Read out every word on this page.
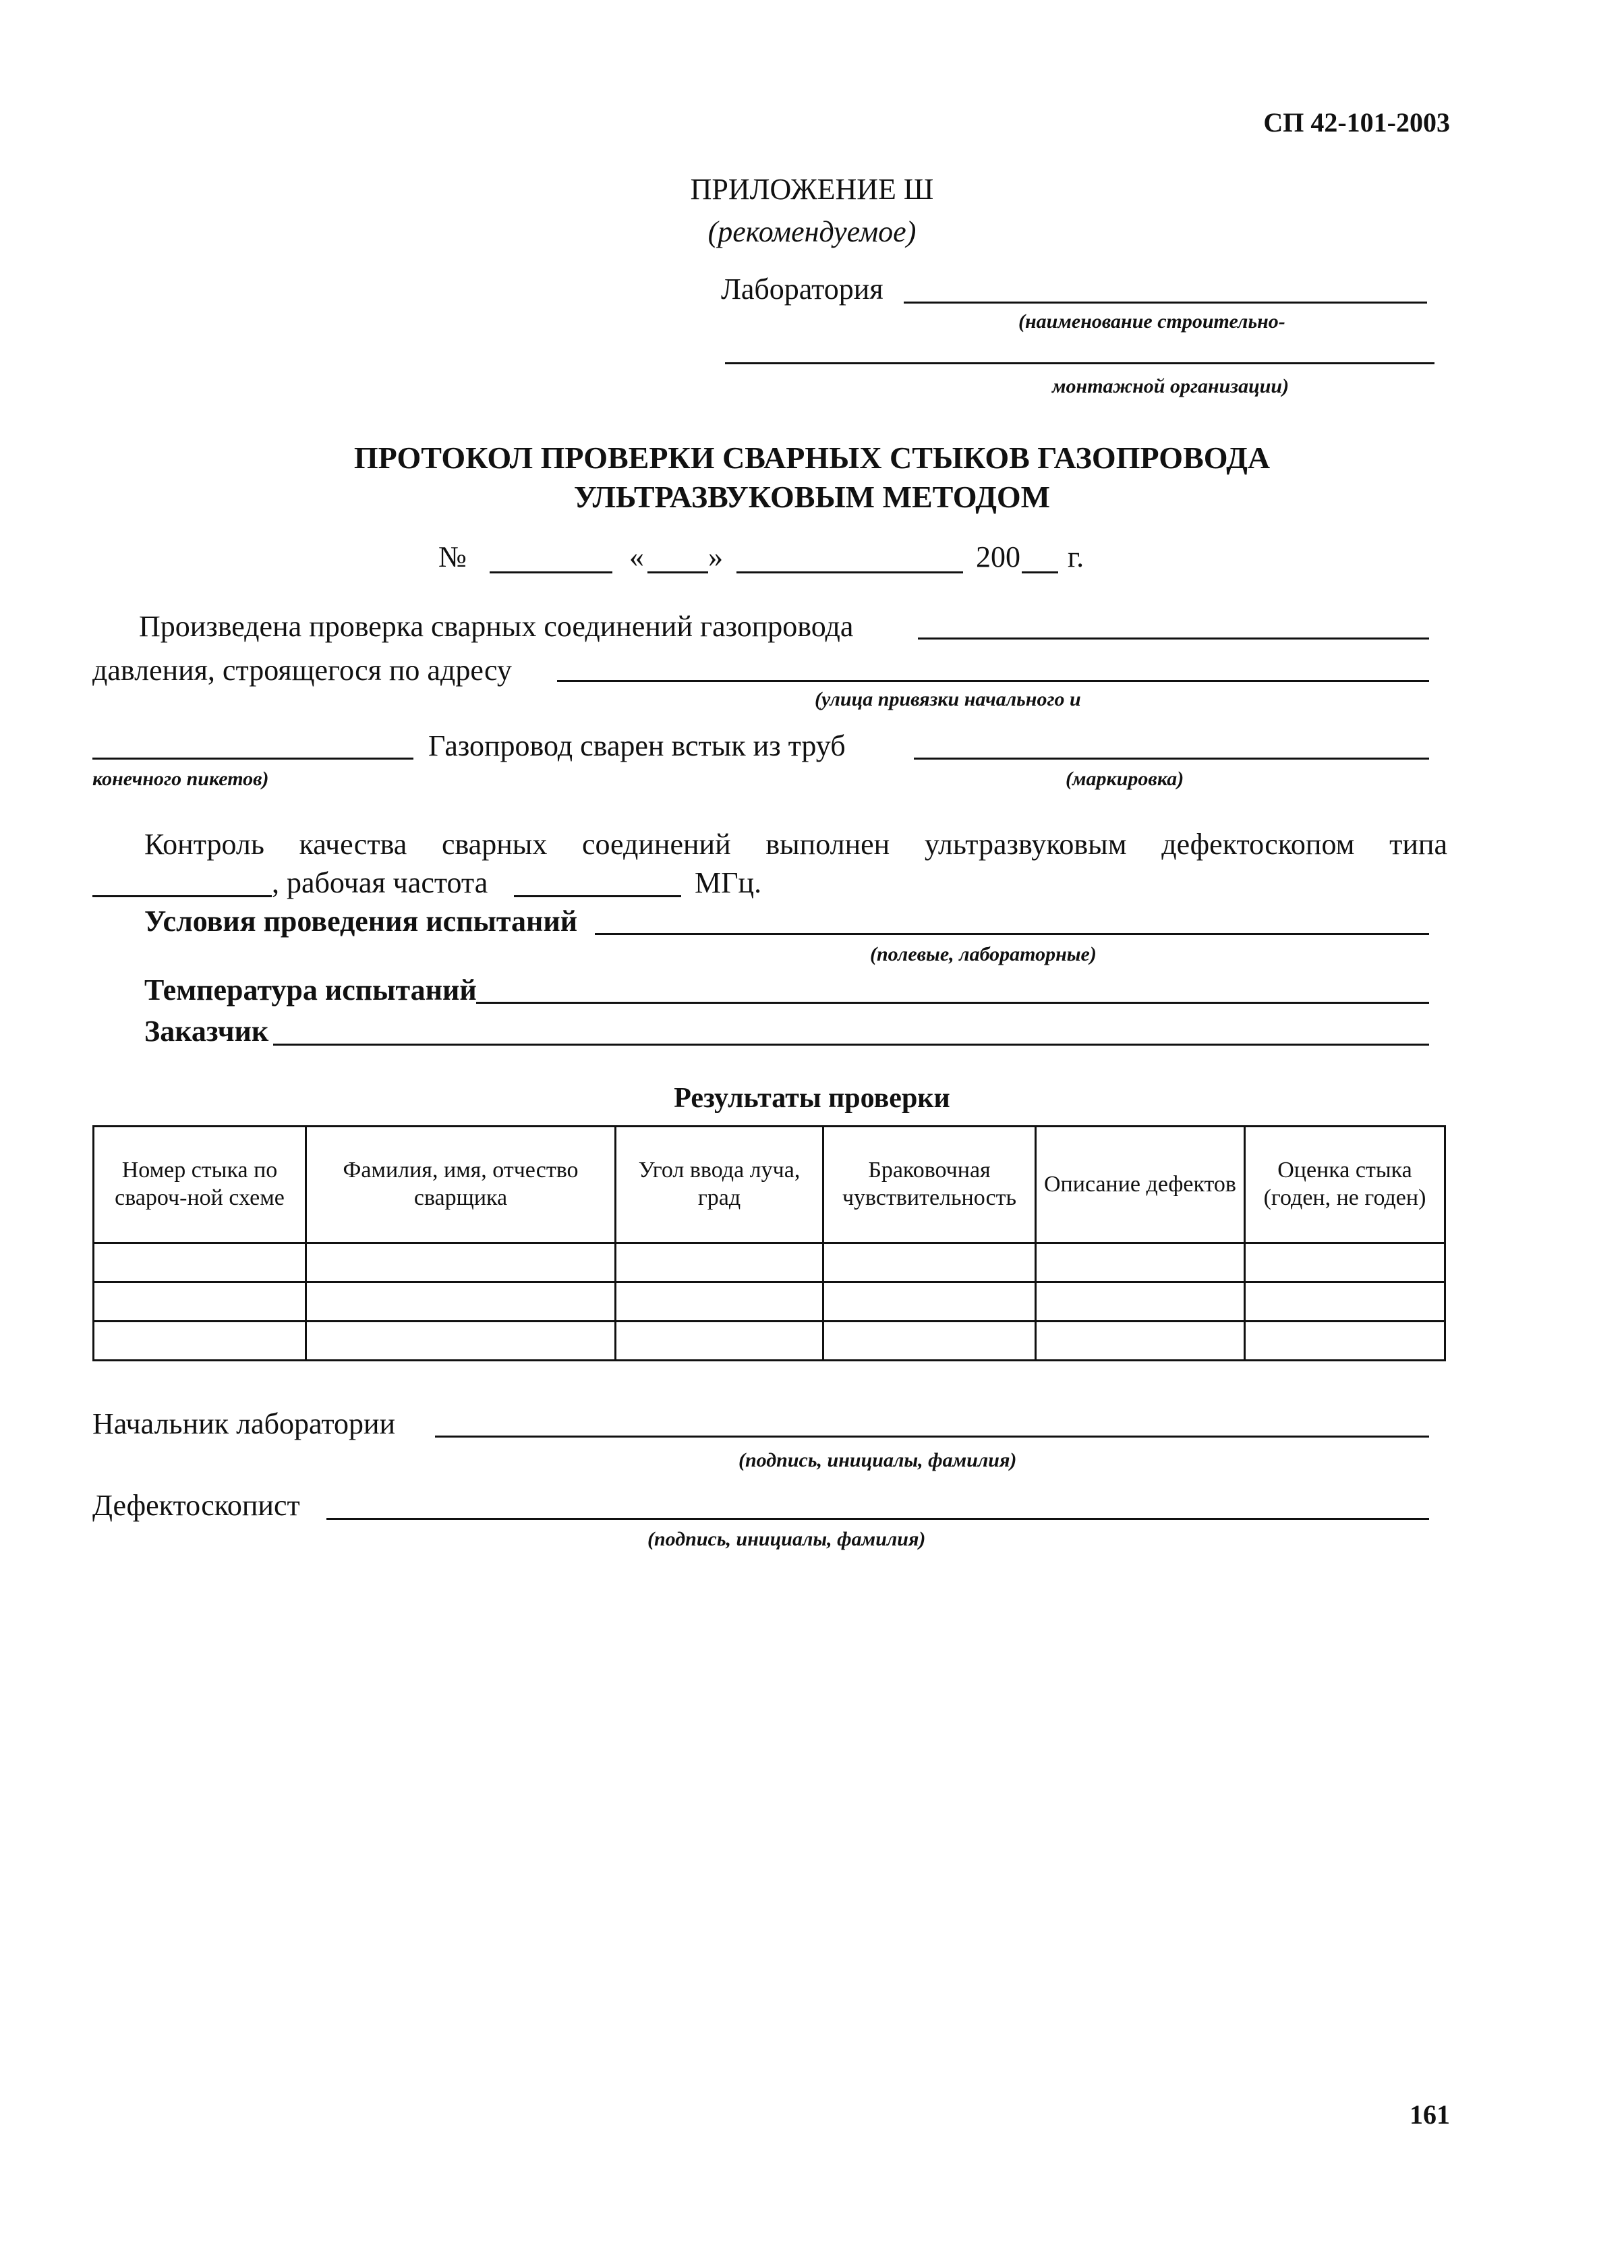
СП 42-101-2003
ПРИЛОЖЕНИЕ Ш
(рекомендуемое)
Лаборатория
(наименование строительно-
монтажной организации)
ПРОТОКОЛ ПРОВЕРКИ СВАРНЫХ СТЫКОВ ГАЗОПРОВОДА
УЛЬТРАЗВУКОВЫМ МЕТОДОМ
№	« »	200 г.
Произведена проверка сварных соединений газопровода
давления, строящегося по адресу
(улица привязки начального и
Газопровод сварен встык из труб
конечного пикетов)	(маркировка)
Контроль качества сварных соединений выполнен ультразвуковым дефектоскопом типа
, рабочая частота	МГц.
Условия проведения испытаний
(полевые, лабораторные)
Температура испытаний
Заказчик
Результаты проверки
Номер стыка по свароч-ной схеме	Фамилия, имя, отчество сварщика	Угол ввода луча, град	Браковочная чувствительность	Описание дефектов	Оценка стыка (годен, не годен)

Начальник лаборатории
(подпись, инициалы, фамилия)
Дефектоскопист
(подпись, инициалы, фамилия)
161
